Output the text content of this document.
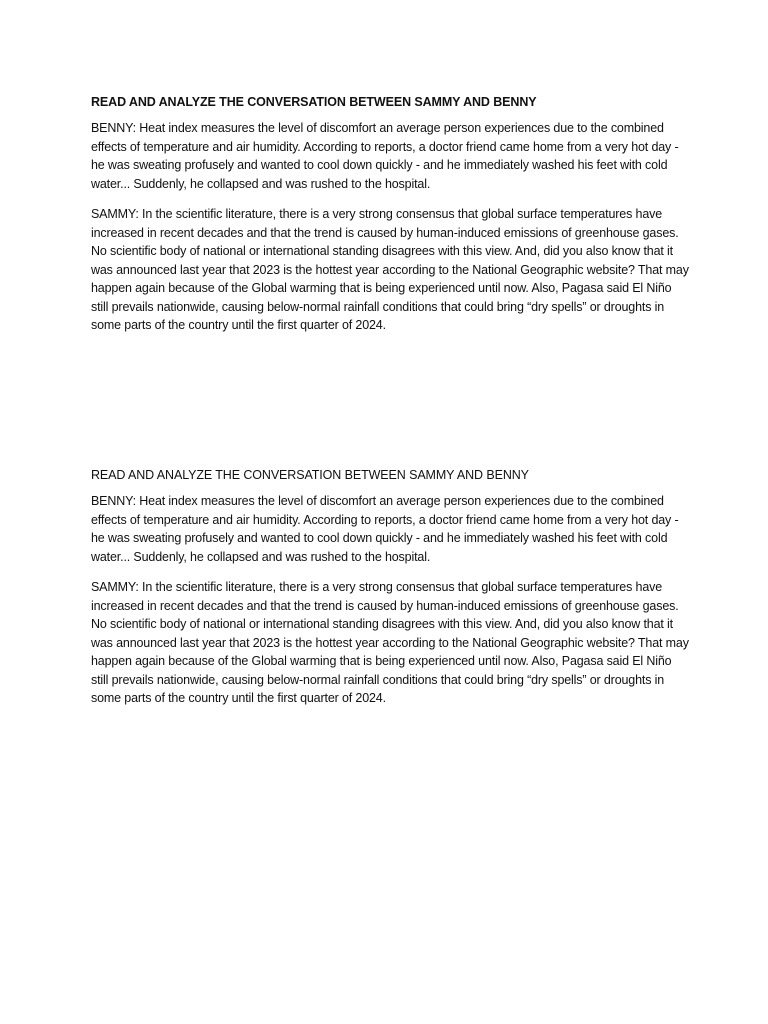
READ AND ANALYZE THE CONVERSATION BETWEEN SAMMY AND BENNY

BENNY: Heat index measures the level of discomfort an average person experiences due to the combined effects of temperature and air humidity. According to reports, a doctor friend came home from a very hot day - he was sweating profusely and wanted to cool down quickly - and he immediately washed his feet with cold water... Suddenly, he collapsed and was rushed to the hospital.

SAMMY: In the scientific literature, there is a very strong consensus that global surface temperatures have increased in recent decades and that the trend is caused by human-induced emissions of greenhouse gases. No scientific body of national or international standing disagrees with this view. And, did you also know that it was announced last year that 2023 is the hottest year according to the National Geographic website? That may happen again because of the Global warming that is being experienced until now. Also, Pagasa said El Niño still prevails nationwide, causing below-normal rainfall conditions that could bring “dry spells” or droughts in some parts of the country until the first quarter of 2024.

READ AND ANALYZE THE CONVERSATION BETWEEN SAMMY AND BENNY

BENNY: Heat index measures the level of discomfort an average person experiences due to the combined effects of temperature and air humidity. According to reports, a doctor friend came home from a very hot day - he was sweating profusely and wanted to cool down quickly - and he immediately washed his feet with cold water... Suddenly, he collapsed and was rushed to the hospital.

SAMMY: In the scientific literature, there is a very strong consensus that global surface temperatures have increased in recent decades and that the trend is caused by human-induced emissions of greenhouse gases. No scientific body of national or international standing disagrees with this view. And, did you also know that it was announced last year that 2023 is the hottest year according to the National Geographic website? That may happen again because of the Global warming that is being experienced until now. Also, Pagasa said El Niño still prevails nationwide, causing below-normal rainfall conditions that could bring “dry spells” or droughts in some parts of the country until the first quarter of 2024.
